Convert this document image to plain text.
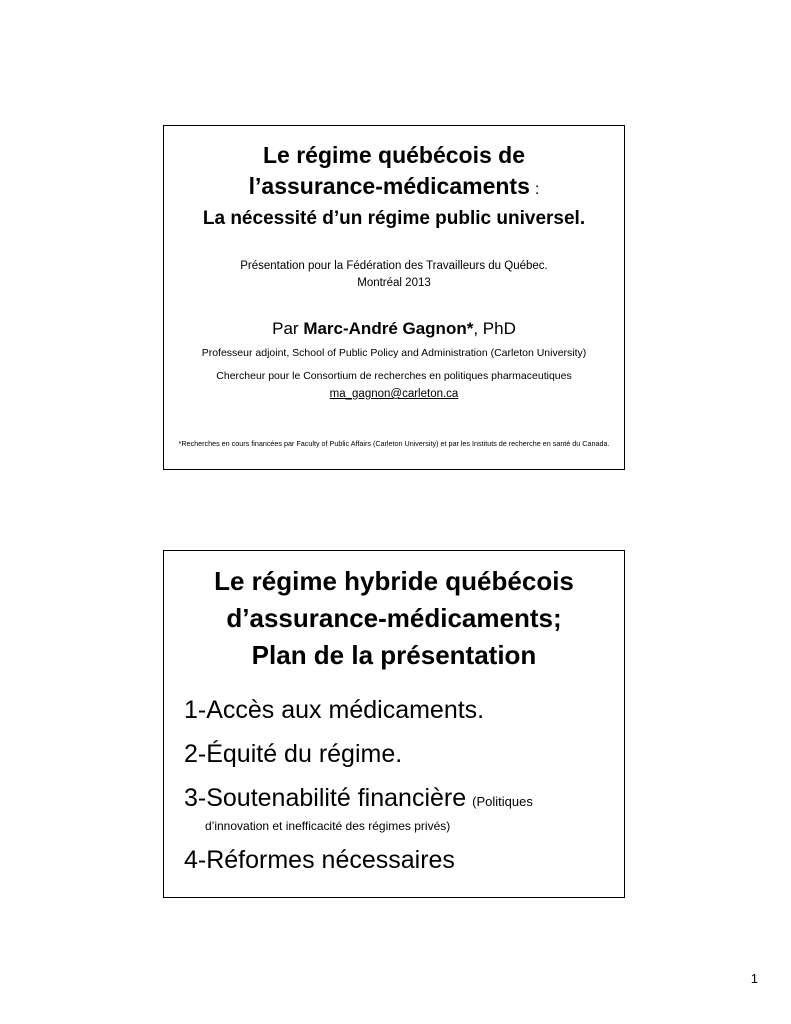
Le régime québécois de
l’assurance-médicaments :
La nécessité d’un régime public universel.
Présentation pour la Fédération des Travailleurs du Québec.
Montréal 2013
Par Marc-André Gagnon*, PhD
Professeur adjoint, School of Public Policy and Administration (Carleton University)
Chercheur pour le Consortium de recherches en politiques pharmaceutiques
ma_gagnon@carleton.ca
*Recherches en cours financées par Faculty of Public Affairs (Carleton University) et par les Instituts de recherche en santé du Canada.
Le régime hybride québécois
d’assurance-médicaments;
Plan de la présentation
1-Accès aux médicaments.
2-Équité du régime.
3-Soutenabilité financière (Politiques
d’innovation et inefficacité des régimes privés)
4-Réformes nécessaires
1
